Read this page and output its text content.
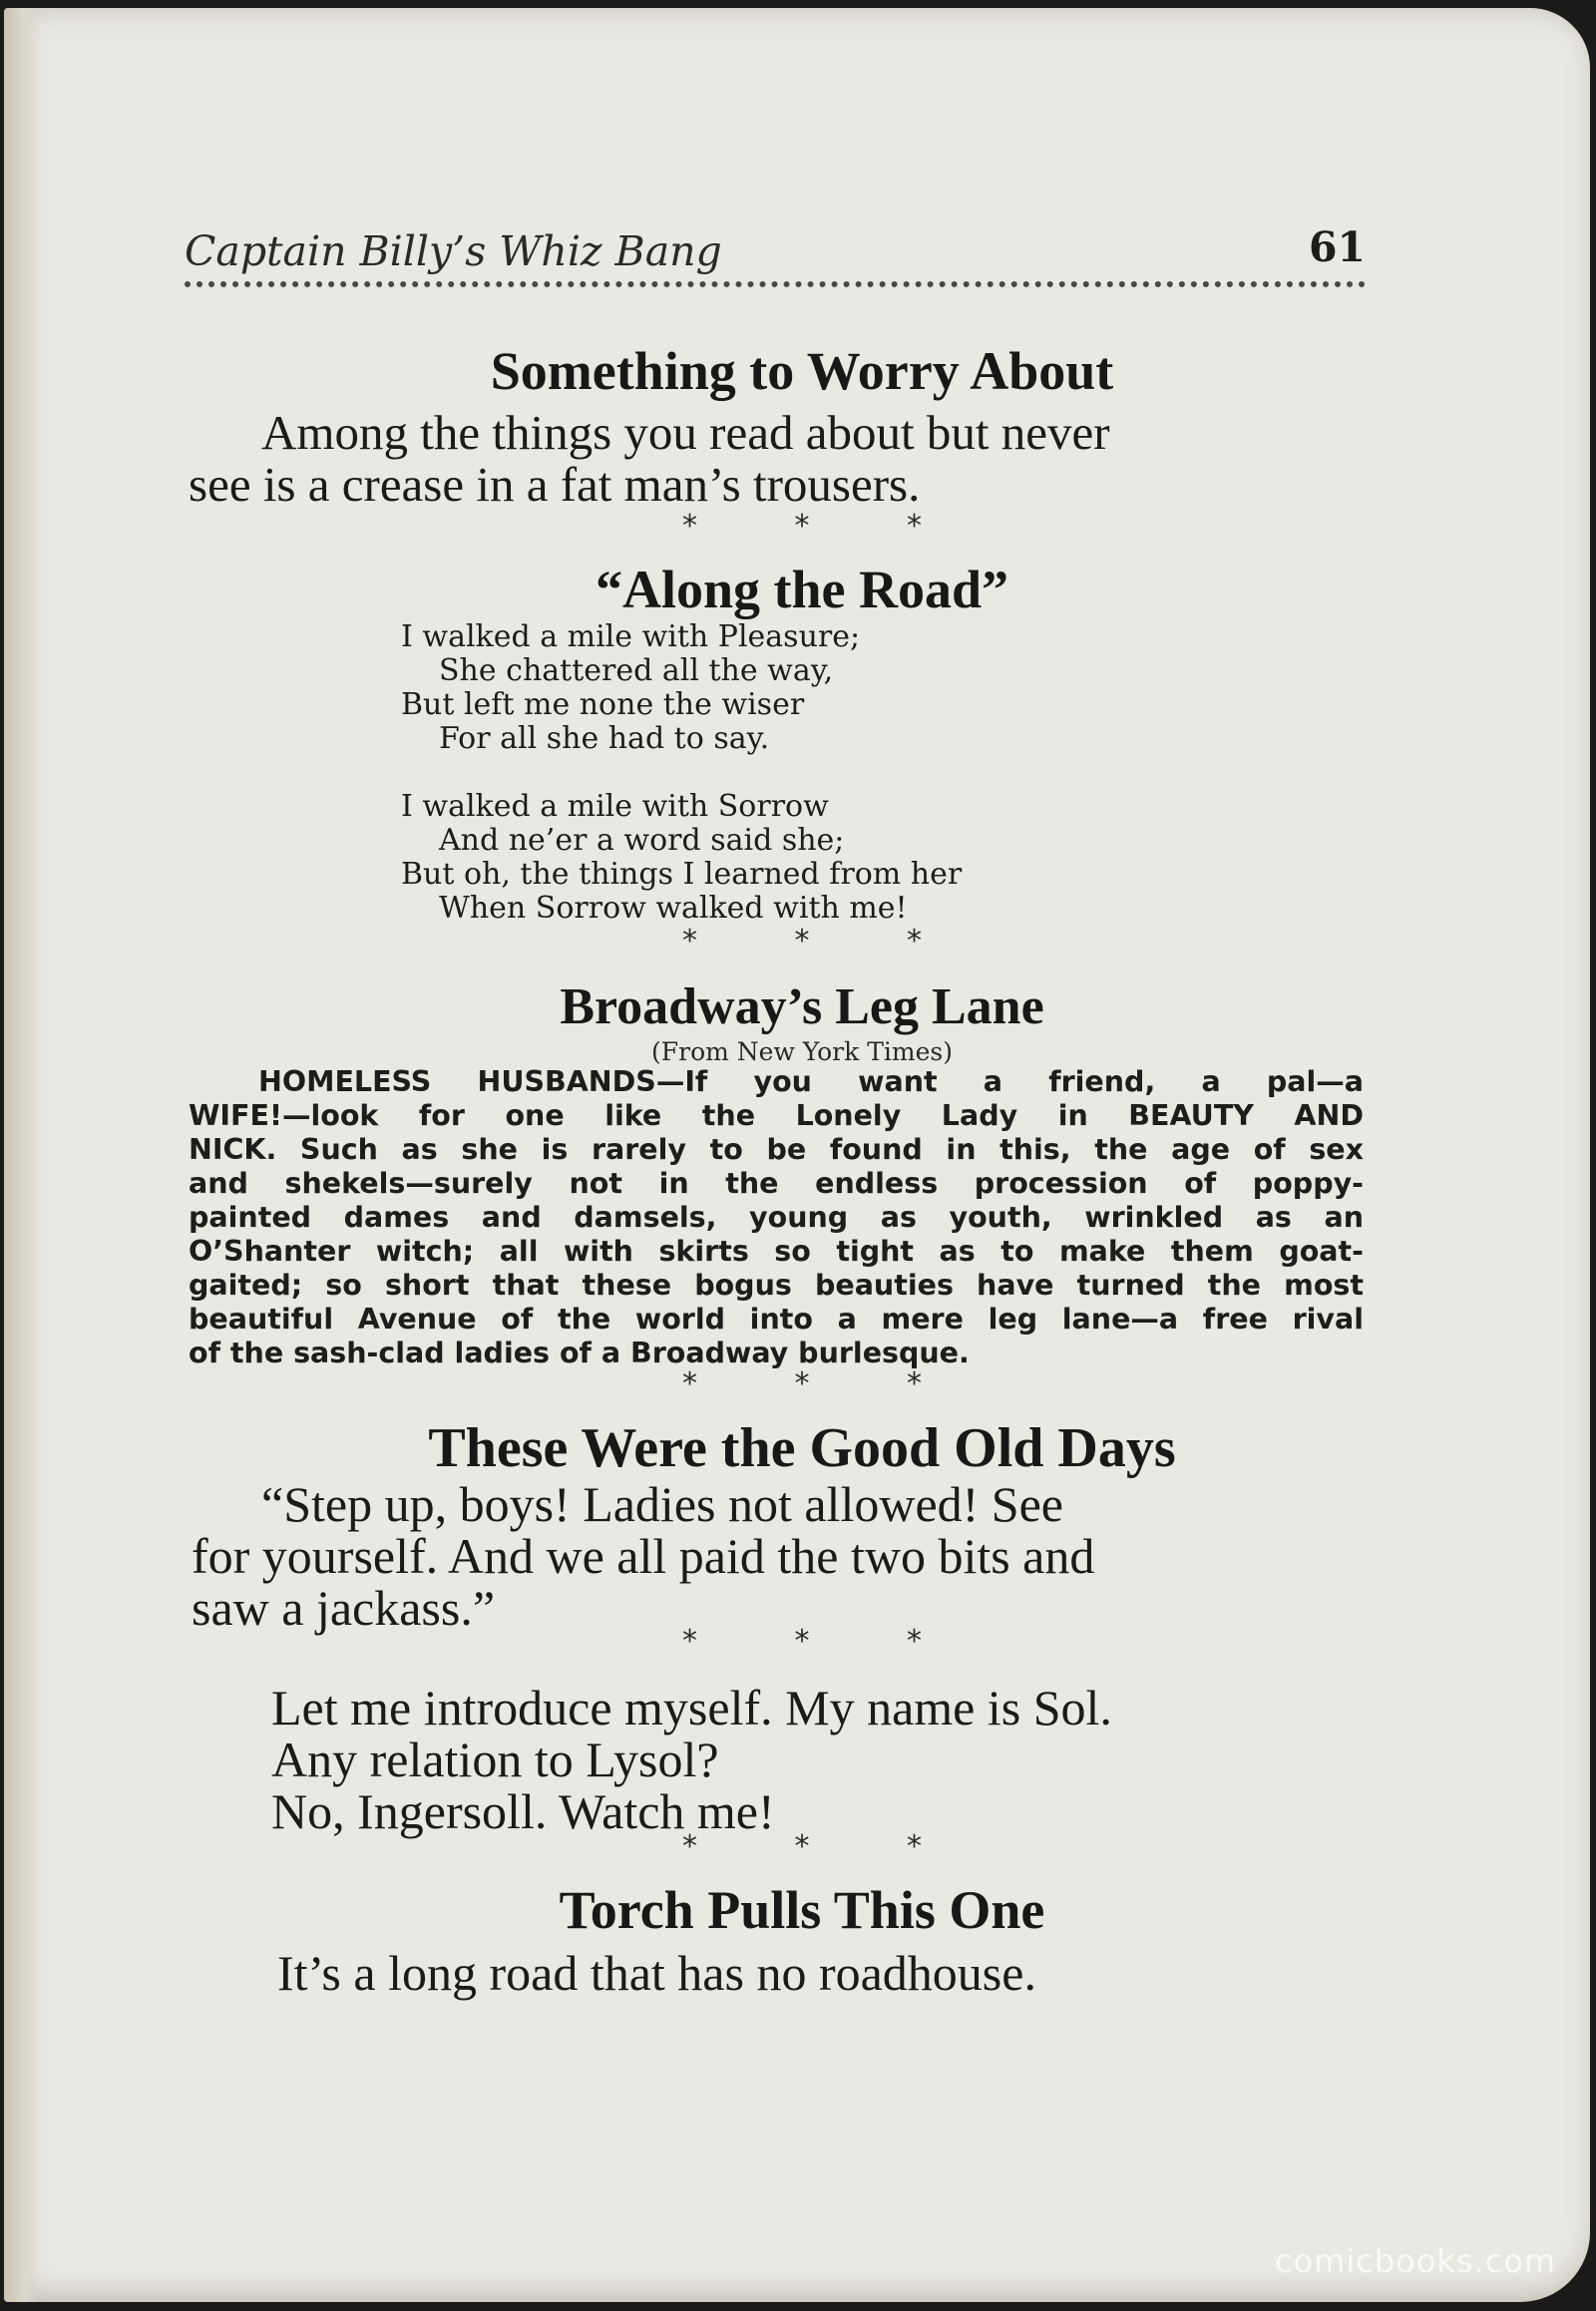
Captain Billy’s Whiz Bang	61
Something to Worry About
Among the things you read about but never
see is a crease in a fat man’s trousers.
* * *
“Along the Road”
I walked a mile with Pleasure;
She chattered all the way,
But left me none the wiser
For all she had to say.
I walked a mile with Sorrow
And ne’er a word said she;
But oh, the things I learned from her
When Sorrow walked with me!
* * *
Broadway’s Leg Lane
(From New York Times)
HOMELESS HUSBANDS—If you want a friend, a pal—a
WIFE!—look for one like the Lonely Lady in BEAUTY AND
NICK. Such as she is rarely to be found in this, the age of sex
and shekels—surely not in the endless procession of poppy-
painted dames and damsels, young as youth, wrinkled as an
O’Shanter witch; all with skirts so tight as to make them goat-
gaited; so short that these bogus beauties have turned the most
beautiful Avenue of the world into a mere leg lane—a free rival
of the sash-clad ladies of a Broadway burlesque.
* * *
These Were the Good Old Days
“Step up, boys! Ladies not allowed! See
for yourself. And we all paid the two bits and
saw a jackass.”
* * *
Let me introduce myself. My name is Sol.
Any relation to Lysol?
No, Ingersoll. Watch me!
* * *
Torch Pulls This One
It’s a long road that has no roadhouse.
comicbooks.com
